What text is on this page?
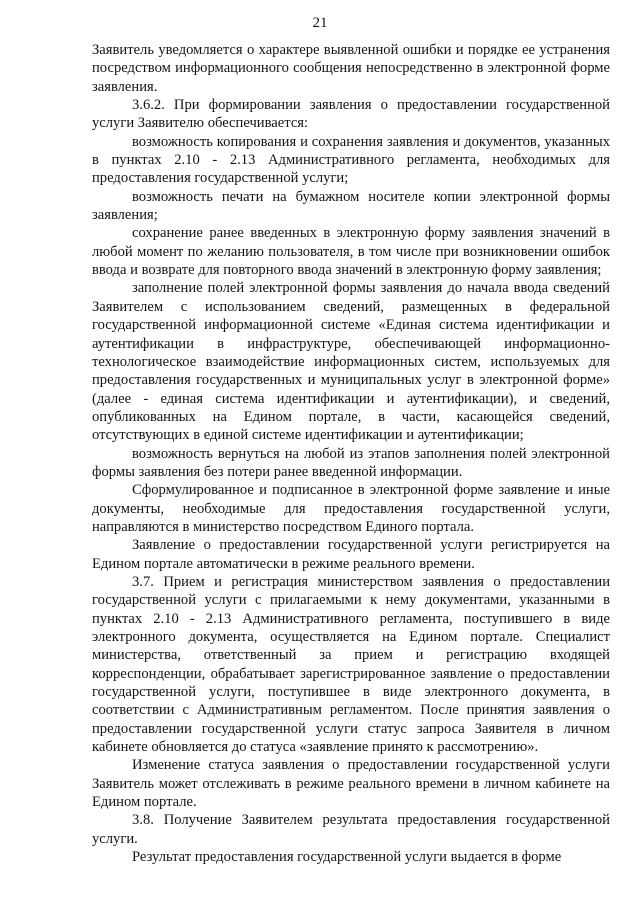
21

Заявитель уведомляется о характере выявленной ошибки и порядке ее устранения посредством информационного сообщения непосредственно в электронной форме заявления.

3.6.2. При формировании заявления о предоставлении государственной услуги Заявителю обеспечивается:

возможность копирования и сохранения заявления и документов, указанных в пунктах 2.10 - 2.13 Административного регламента, необходимых для предоставления государственной услуги;

возможность печати на бумажном носителе копии электронной формы заявления;

сохранение ранее введенных в электронную форму заявления значений в любой момент по желанию пользователя, в том числе при возникновении ошибок ввода и возврате для повторного ввода значений в электронную форму заявления;

заполнение полей электронной формы заявления до начала ввода сведений Заявителем с использованием сведений, размещенных в федеральной государственной информационной системе «Единая система идентификации и аутентификации в инфраструктуре, обеспечивающей информационно-технологическое взаимодействие информационных систем, используемых для предоставления государственных и муниципальных услуг в электронной форме» (далее - единая система идентификации и аутентификации), и сведений, опубликованных на Едином портале, в части, касающейся сведений, отсутствующих в единой системе идентификации и аутентификации;

возможность вернуться на любой из этапов заполнения полей электронной формы заявления без потери ранее введенной информации.

Сформулированное и подписанное в электронной форме заявление и иные документы, необходимые для предоставления государственной услуги, направляются в министерство посредством Единого портала.

Заявление о предоставлении государственной услуги регистрируется на Едином портале автоматически в режиме реального времени.

3.7. Прием и регистрация министерством заявления о предоставлении государственной услуги с прилагаемыми к нему документами, указанными в пунктах 2.10 - 2.13 Административного регламента, поступившего в виде электронного документа, осуществляется на Едином портале. Специалист министерства, ответственный за прием и регистрацию входящей корреспонденции, обрабатывает зарегистрированное заявление о предоставлении государственной услуги, поступившее в виде электронного документа, в соответствии с Административным регламентом. После принятия заявления о предоставлении государственной услуги статус запроса Заявителя в личном кабинете обновляется до статуса «заявление принято к рассмотрению».

Изменение статуса заявления о предоставлении государственной услуги Заявитель может отслеживать в режиме реального времени в личном кабинете на Едином портале.

3.8. Получение Заявителем результата предоставления государственной услуги.

Результат предоставления государственной услуги выдается в форме
